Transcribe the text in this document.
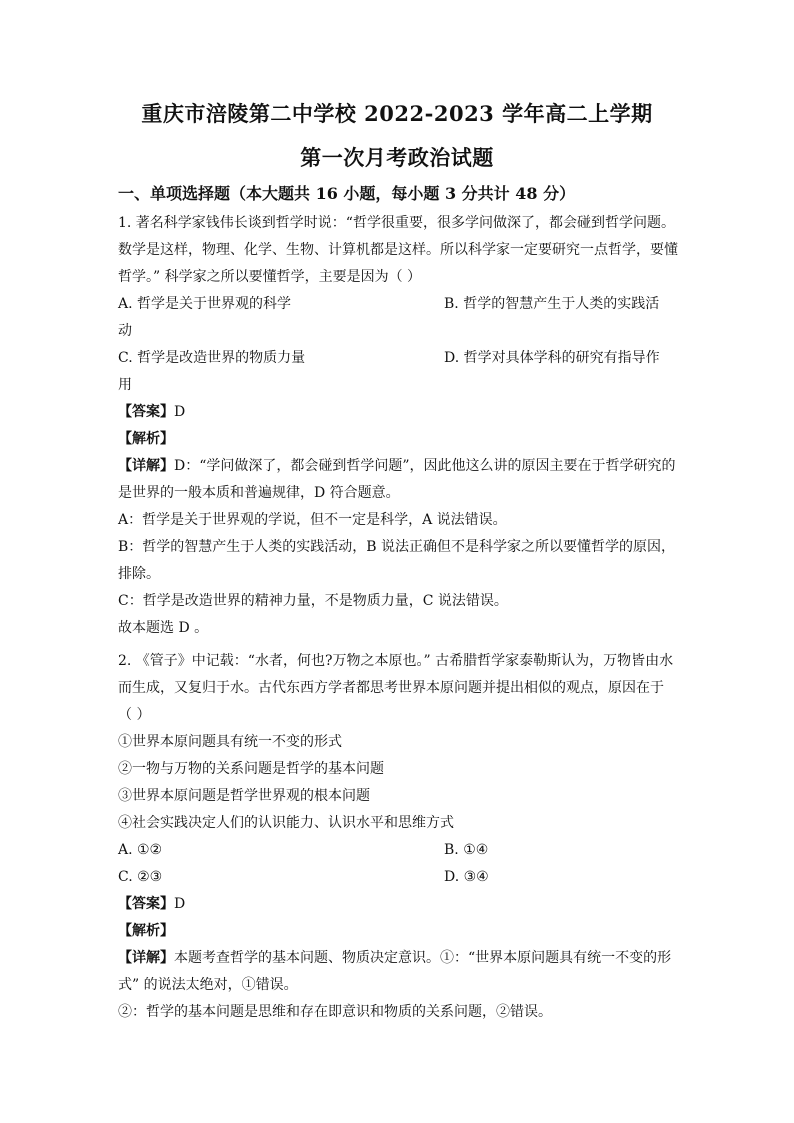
重庆市涪陵第二中学校 2022-2023 学年高二上学期
第一次月考政治试题
一、单项选择题（本大题共 16 小题，每小题 3 分共计 48 分）
1. 著名科学家钱伟长谈到哲学时说：“哲学很重要，很多学问做深了，都会碰到哲学问题。
数学是这样，物理、化学、生物、计算机都是这样。所以科学家一定要研究一点哲学，要懂
哲学。” 科学家之所以要懂哲学，主要是因为（ ）
A. 哲学是关于世界观的科学	B. 哲学的智慧产生于人类的实践活
动
C. 哲学是改造世界的物质力量	D. 哲学对具体学科的研究有指导作
用
【答案】D
【解析】
【详解】D：“学问做深了，都会碰到哲学问题”，因此他这么讲的原因主要在于哲学研究的
是世界的一般本质和普遍规律，D 符合题意。
A：哲学是关于世界观的学说，但不一定是科学，A 说法错误。
B：哲学的智慧产生于人类的实践活动，B 说法正确但不是科学家之所以要懂哲学的原因，
排除。
C：哲学是改造世界的精神力量，不是物质力量，C 说法错误。
故本题选 D 。
2. 《管子》中记载：“水者，何也?万物之本原也。” 古希腊哲学家泰勒斯认为，万物皆由水
而生成，又复归于水。古代东西方学者都思考世界本原问题并提出相似的观点，原因在于
（ ）
①世界本原问题具有统一不变的形式
②一物与万物的关系问题是哲学的基本问题
③世界本原问题是哲学世界观的根本问题
④社会实践决定人们的认识能力、认识水平和思维方式
A. ①②	B. ①④
C. ②③	D. ③④
【答案】D
【解析】
【详解】本题考查哲学的基本问题、物质决定意识。①：“世界本原问题具有统一不变的形
式” 的说法太绝对，①错误。
②：哲学的基本问题是思维和存在即意识和物质的关系问题，②错误。
